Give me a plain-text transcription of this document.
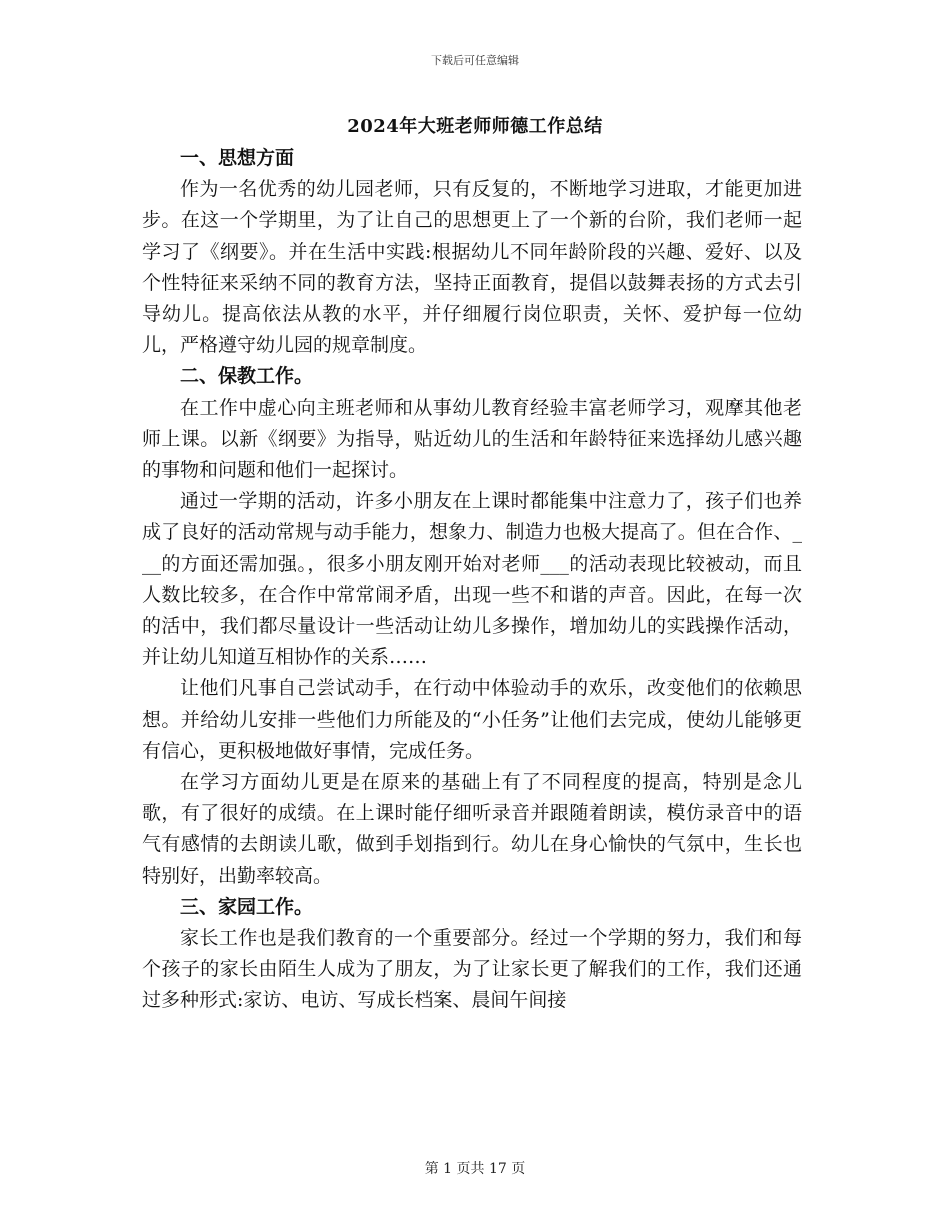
下载后可任意编辑
2024年大班老师师德工作总结
一、思想方面

作为一名优秀的幼儿园老师，只有反复的，不断地学习进取，才能更加进步。在这一个学期里，为了让自己的思想更上了一个新的台阶，我们老师一起学习了《纲要》。并在生活中实践:根据幼儿不同年龄阶段的兴趣、爱好、以及个性特征来采纳不同的教育方法，坚持正面教育，提倡以鼓舞表扬的方式去引导幼儿。提高依法从教的水平，并仔细履行岗位职责，关怀、爱护每一位幼儿，严格遵守幼儿园的规章制度。

二、保教工作。

在工作中虚心向主班老师和从事幼儿教育经验丰富老师学习，观摩其他老师上课。以新《纲要》为指导，贴近幼儿的生活和年龄特征来选择幼儿感兴趣的事物和问题和他们一起探讨。

通过一学期的活动，许多小朋友在上课时都能集中注意力了，孩子们也养成了良好的活动常规与动手能力，想象力、制造力也极大提高了。但在合作、___的方面还需加强。，很多小朋友刚开始对老师___的活动表现比较被动，而且人数比较多，在合作中常常闹矛盾，出现一些不和谐的声音。因此，在每一次的活中，我们都尽量设计一些活动让幼儿多操作，增加幼儿的实践操作活动，并让幼儿知道互相协作的关系……

让他们凡事自己尝试动手，在行动中体验动手的欢乐，改变他们的依赖思想。并给幼儿安排一些他们力所能及的“小任务”让他们去完成，使幼儿能够更有信心，更积极地做好事情，完成任务。

在学习方面幼儿更是在原来的基础上有了不同程度的提高，特别是念儿歌，有了很好的成绩。在上课时能仔细听录音并跟随着朗读，模仿录音中的语气有感情的去朗读儿歌，做到手划指到行。幼儿在身心愉快的气氛中，生长也特别好，出勤率较高。

三、家园工作。

家长工作也是我们教育的一个重要部分。经过一个学期的努力，我们和每个孩子的家长由陌生人成为了朋友，为了让家长更了解我们的工作，我们还通过多种形式:家访、电访、写成长档案、晨间午间接

第 1 页共 17 页
